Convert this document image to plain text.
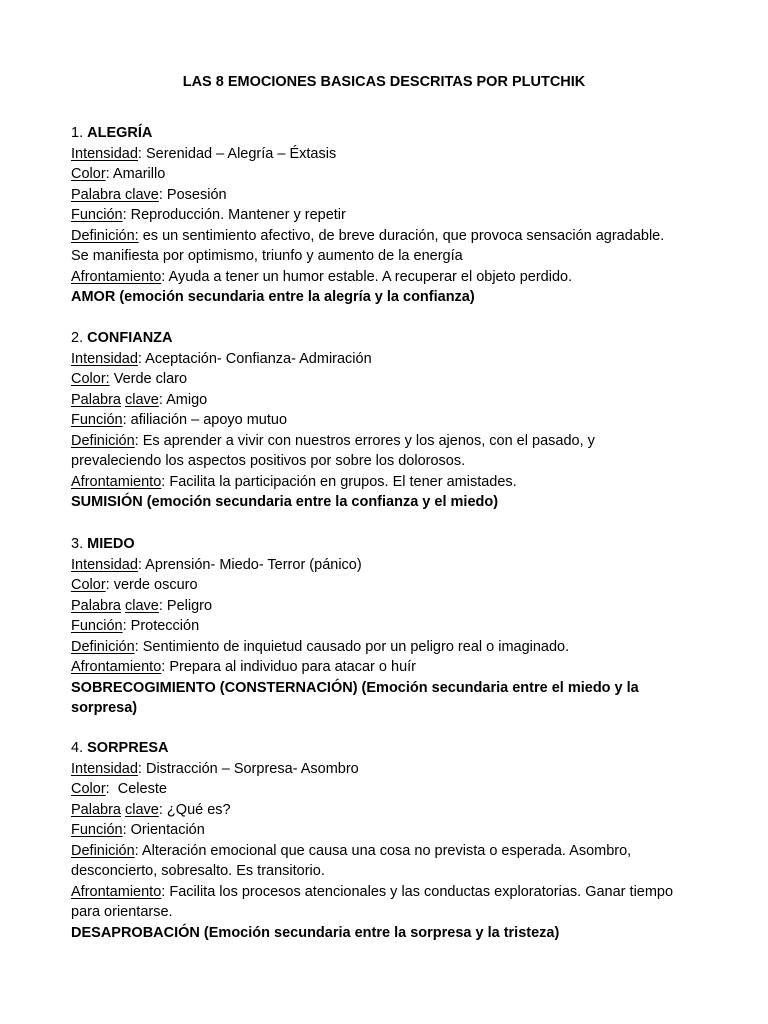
LAS 8 EMOCIONES BASICAS DESCRITAS POR PLUTCHIK
1. ALEGRÍA
Intensidad: Serenidad – Alegría – Éxtasis
Color: Amarillo
Palabra clave: Posesión
Función: Reproducción. Mantener y repetir
Definición: es un sentimiento afectivo, de breve duración, que provoca sensación agradable.
Se manifiesta por optimismo, triunfo y aumento de la energía
Afrontamiento: Ayuda a tener un humor estable. A recuperar el objeto perdido.
AMOR (emoción secundaria entre la alegría y la confianza)
2. CONFIANZA
Intensidad: Aceptación- Confianza- Admiración
Color: Verde claro
Palabra clave: Amigo
Función: afiliación – apoyo mutuo
Definición: Es aprender a vivir con nuestros errores y los ajenos, con el pasado, y
prevaleciendo los aspectos positivos por sobre los dolorosos.
Afrontamiento: Facilita la participación en grupos. El tener amistades.
SUMISIÓN (emoción secundaria entre la confianza y el miedo)
3. MIEDO
Intensidad: Aprensión- Miedo- Terror (pánico)
Color: verde oscuro
Palabra clave: Peligro
Función: Protección
Definición: Sentimiento de inquietud causado por un peligro real o imaginado.
Afrontamiento: Prepara al individuo para atacar o huír
SOBRECOGIMIENTO (CONSTERNACIÓN) (Emoción secundaria entre el miedo y la
sorpresa)
4. SORPRESA
Intensidad: Distracción – Sorpresa- Asombro
Color:  Celeste
Palabra clave: ¿Qué es?
Función: Orientación
Definición: Alteración emocional que causa una cosa no prevista o esperada. Asombro,
desconcierto, sobresalto. Es transitorio.
Afrontamiento: Facilita los procesos atencionales y las conductas exploratorias. Ganar tiempo
para orientarse.
DESAPROBACIÓN (Emoción secundaria entre la sorpresa y la tristeza)
